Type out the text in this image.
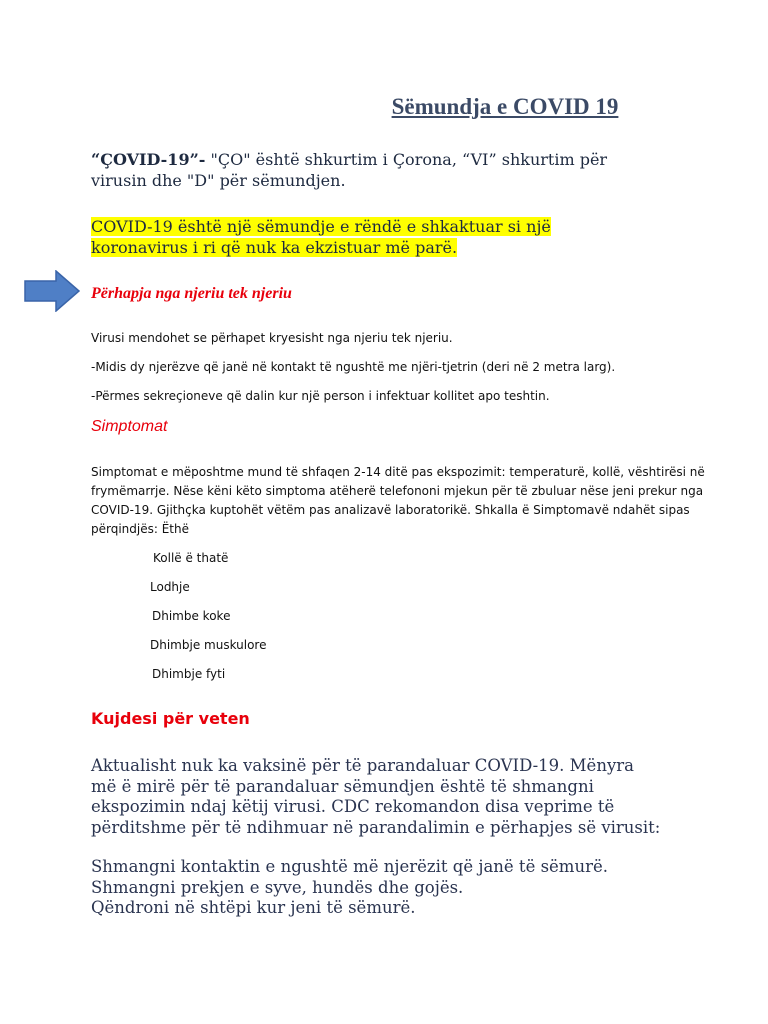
Sëmundja e COVID 19
“ÇOVID-19”- "ÇO" është shkurtim i Çorona, “VI” shkurtim për
virusin dhe "D" për sëmundjen.
COVID-19 është një sëmundje e rëndë e shkaktuar si një
koronavirus i ri që nuk ka ekzistuar më parë.
Përhapja nga njeriu tek njeriu
Virusi mendohet se përhapet kryesisht nga njeriu tek njeriu.
-Midis dy njerëzve që janë në kontakt të ngushtë me njëri-tjetrin (deri në 2 metra larg).
-Përmes sekreçioneve që dalin kur një person i infektuar kollitet apo teshtin.
Simptomat
Simptomat e mëposhtme mund të shfaqen 2-14 ditë pas ekspozimit: temperaturë, kollë, vështirësi në
frymëmarrje. Nëse këni këto simptoma atëherë telefononi mjekun për të zbuluar nëse jeni prekur nga
COVID-19. Gjithçka kuptohët vëtëm pas analizavë laboratorikë. Shkalla ë Simptomavë ndahët sipas
përqindjës: Ëthë
Kollë ë thatë
Lodhje
Dhimbe koke
Dhimbje muskulore
Dhimbje fyti
Kujdesi për veten
Aktualisht nuk ka vaksinë për të parandaluar COVID-19. Mënyra
më ë mirë për të parandaluar sëmundjen është të shmangni
ekspozimin ndaj këtij virusi. CDC rekomandon disa veprime të
përditshme për të ndihmuar në parandalimin e përhapjes së virusit:
Shmangni kontaktin e ngushtë më njerëzit që janë të sëmurë.
Shmangni prekjen e syve, hundës dhe gojës.
Qëndroni në shtëpi kur jeni të sëmurë.
